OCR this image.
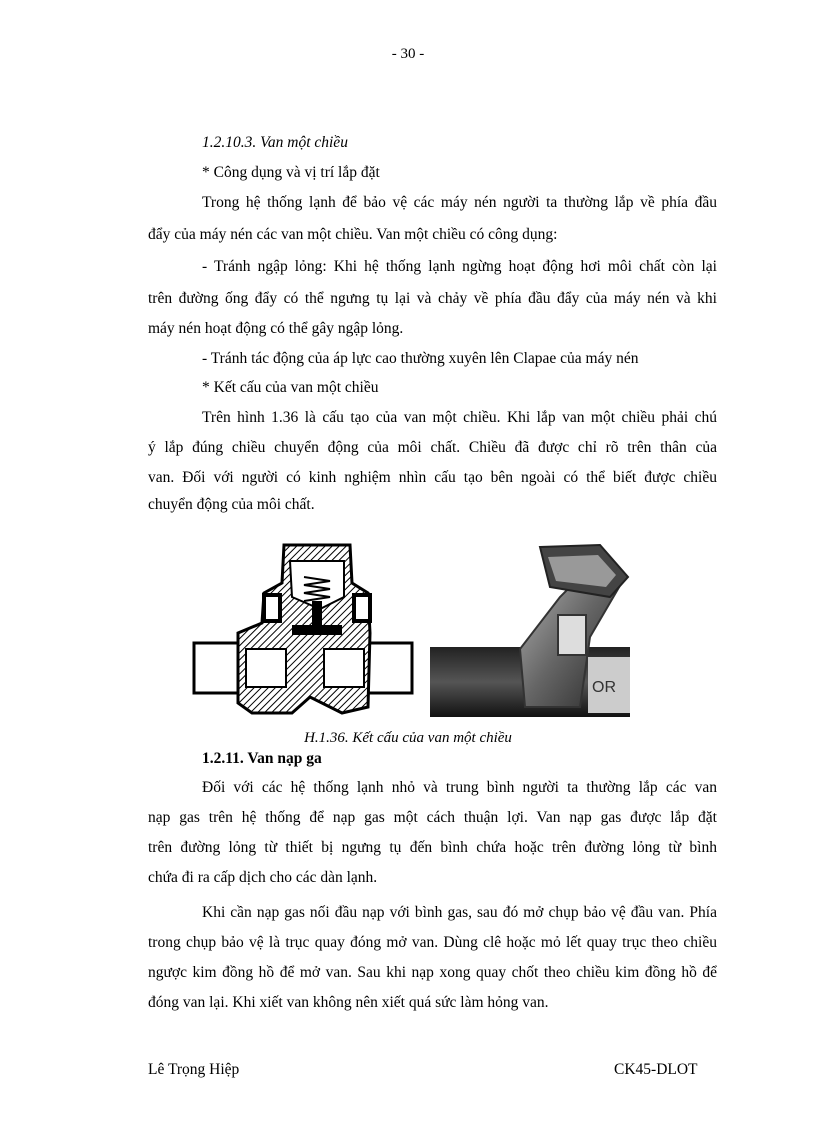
- 30 -
1.2.10.3. Van một chiều
* Công dụng và vị trí lắp đặt
Trong hệ thống lạnh để bảo vệ các máy nén người ta thường lắp về phía đầu
đẩy của máy nén các van một chiều. Van một chiều có công dụng:
- Tránh ngập lỏng: Khi hệ thống lạnh ngừng hoạt động hơi môi chất còn lại
trên đường ống đẩy có thể ngưng tụ lại và chảy về phía đầu đẩy của máy nén và khi
máy nén hoạt động có thể gây ngập lỏng.
- Tránh tác động của áp lực cao thường xuyên lên Clapae của máy nén
* Kết cấu của van một chiều
Trên hình 1.36 là cấu tạo của van một chiều. Khi lắp van một chiều phải chú
ý lắp đúng chiều chuyển động của môi chất. Chiều đã được chỉ rõ trên thân của
van. Đối với người có kinh nghiệm nhìn cấu tạo bên ngoài có thể biết được chiều
chuyển động của môi chất.
OR
H.1.36. Kết cấu của van một chiều
1.2.11. Van nạp ga
Đối với các hệ thống lạnh nhỏ và trung bình người ta thường lắp các van
nạp gas trên hệ thống để nạp gas một cách thuận lợi. Van nạp gas được lắp đặt
trên đường lỏng từ thiết bị ngưng tụ đến bình chứa hoặc trên đường lỏng từ bình
chứa đi ra cấp dịch cho các dàn lạnh.
Khi cần nạp gas nối đầu nạp với bình gas, sau đó mở chụp bảo vệ đầu van. Phía
trong chụp bảo vệ là trục quay đóng mở van. Dùng clê hoặc mỏ lết quay trục theo chiều
ngược kim đồng hồ để mở van. Sau khi nạp xong quay chốt theo chiều kim đồng hồ để
đóng van lại. Khi xiết van không nên xiết quá sức làm hỏng van.
Lê Trọng Hiệp	CK45-DLOT
